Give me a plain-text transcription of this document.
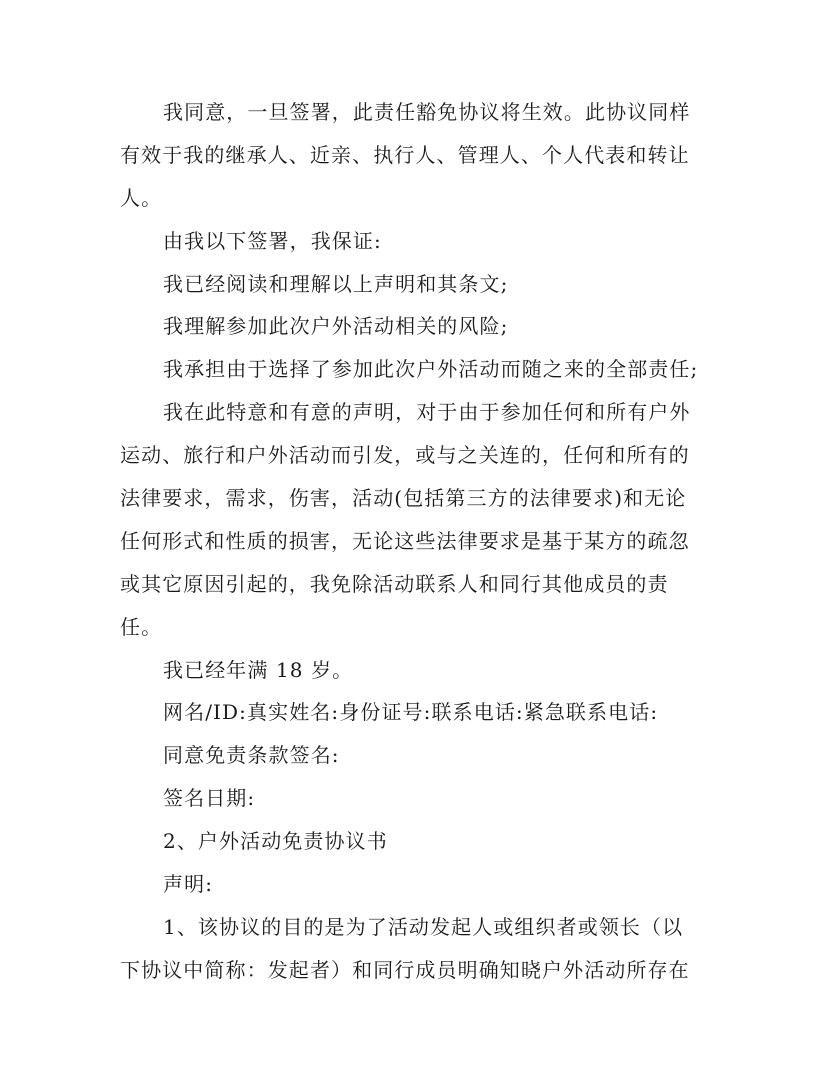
我同意，一旦签署，此责任豁免协议将生效。此协议同样
有效于我的继承人、近亲、执行人、管理人、个人代表和转让
人。
由我以下签署，我保证:
我已经阅读和理解以上声明和其条文;
我理解参加此次户外活动相关的风险;
我承担由于选择了参加此次户外活动而随之来的全部责任;
我在此特意和有意的声明，对于由于参加任何和所有户外
运动、旅行和户外活动而引发，或与之关连的，任何和所有的
法律要求，需求，伤害，活动(包括第三方的法律要求)和无论
任何形式和性质的损害，无论这些法律要求是基于某方的疏忽
或其它原因引起的，我免除活动联系人和同行其他成员的责
任。
我已经年满 18 岁。
网名/ID:真实姓名:身份证号:联系电话:紧急联系电话:
同意免责条款签名:
签名日期:
2、户外活动免责协议书
声明:
1、该协议的目的是为了活动发起人或组织者或领长（以
下协议中简称：发起者）和同行成员明确知晓户外活动所存在
